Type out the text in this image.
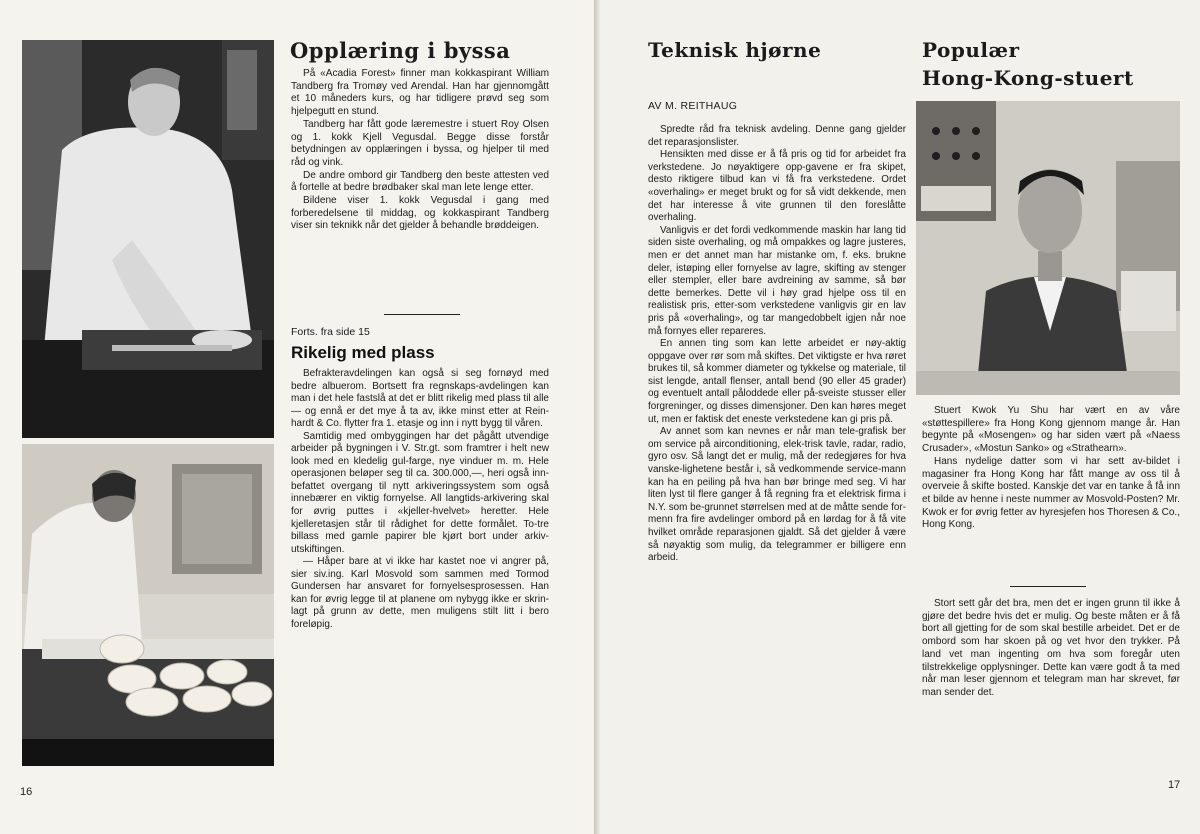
Opplæring i byssa

På «Acadia Forest» finner man kokkaspirant William Tandberg fra Tromøy ved Arendal. Han har gjennomgått et 10 måneders kurs, og har tidligere prøvd seg som hjelpegutt en stund.

Tandberg har fått gode læremestre i stuert Roy Olsen og 1. kokk Kjell Vegusdal. Begge disse forstår betydningen av opplæringen i byssa, og hjelper til med råd og vink.

De andre ombord gir Tandberg den beste attesten ved å fortelle at bedre brødbaker skal man lete lenge etter.

Bildene viser 1. kokk Vegusdal i gang med forberedelsene til middag, og kokkaspirant Tandberg viser sin teknikk når det gjelder å behandle brøddeigen.

Forts. fra side 15
Rikelig med plass

Befrakteravdelingen kan også si seg fornøyd med bedre albuerom. Bortsett fra regnskaps-avdelingen kan man i det hele fastslå at det er blitt rikelig med plass til alle — og ennå er det mye å ta av, ikke minst etter at Rein-hardt & Co. flytter fra 1. etasje og inn i nytt bygg til våren.

Samtidig med ombyggingen har det pågått utvendige arbeider på bygningen i V. Str.gt. som framtrer i helt new look med en kledelig gul-farge, nye vinduer m. m. Hele operasjonen beløper seg til ca. 300.000,—, heri også inn-befattet overgang til nytt arkiveringssystem som også innebærer en viktig fornyelse. All langtids-arkivering skal for øvrig puttes i «kjeller-hvelvet» heretter. Hele kjelleretasjen står til rådighet for dette formålet. To-tre billass med gamle papirer ble kjørt bort under arkiv-utskiftingen.

— Håper bare at vi ikke har kastet noe vi angrer på, sier siv.ing. Karl Mosvold som sammen med Tormod Gundersen har ansvaret for fornyelsesprosessen. Han kan for øvrig legge til at planene om nybygg ikke er skrin-lagt på grunn av dette, men muligens stilt litt i bero foreløpig.

16
Teknisk hjørne
AV M. REITHAUG

Spredte råd fra teknisk avdeling. Denne gang gjelder det reparasjonslister.

Hensikten med disse er å få pris og tid for arbeidet fra verkstedene. Jo nøyaktigere opp-gavene er fra skipet, desto riktigere tilbud kan vi få fra verkstedene. Ordet «overhaling» er meget brukt og for så vidt dekkende, men det har interesse å vite grunnen til den foreslåtte overhaling.

Vanligvis er det fordi vedkommende maskin har lang tid siden siste overhaling, og må ompakkes og lagre justeres, men er det annet man har mistanke om, f. eks. brukne deler, istøping eller fornyelse av lagre, skifting av stenger eller stempler, eller bare avdreining av samme, så bør dette bemerkes. Dette vil i høy grad hjelpe oss til en realistisk pris, etter-som verkstedene vanligvis gir en lav pris på «overhaling», og tar mangedobbelt igjen når noe må fornyes eller repareres.

En annen ting som kan lette arbeidet er nøy-aktig oppgave over rør som må skiftes. Det viktigste er hva røret brukes til, så kommer diameter og tykkelse og materiale, til sist lengde, antall flenser, antall bend (90 eller 45 grader) og eventuelt antall påloddede eller på-sveiste stusser eller forgreninger, og disses dimensjoner. Den kan høres meget ut, men er faktisk det eneste verkstedene kan gi pris på.

Av annet som kan nevnes er når man tele-grafisk ber om service på airconditioning, elek-trisk tavle, radar, radio, gyro osv. Så langt det er mulig, må der redegjøres for hva vanske-lighetene består i, så vedkommende service-mann kan ha en peiling på hva han bør bringe med seg. Vi har liten lyst til flere ganger å få regning fra et elektrisk firma i N.Y. som be-grunnet størrelsen med at de måtte sende for-menn fra fire avdelinger ombord på en lørdag for å få vite hvilket område reparasjonen gjaldt. Så det gjelder å være så nøyaktig som mulig, da telegrammer er billigere enn arbeid.

Populær
Hong-Kong-stuert

Stuert Kwok Yu Shu har vært en av våre «støttespillere» fra Hong Kong gjennom mange år. Han begynte på «Mosengen» og har siden vært på «Naess Crusader», «Mostun Sanko» og «Strathearn».

Hans nydelige datter som vi har sett av-bildet i magasiner fra Hong Kong har fått mange av oss til å overveie å skifte bosted. Kanskje det var en tanke å få inn et bilde av henne i neste nummer av Mosvold-Posten? Mr. Kwok er for øvrig fetter av hyresjefen hos Thoresen & Co., Hong Kong.

Stort sett går det bra, men det er ingen grunn til ikke å gjøre det bedre hvis det er mulig. Og beste måten er å få bort all gjetting for de som skal bestille arbeidet. Det er de ombord som har skoen på og vet hvor den trykker. På land vet man ingenting om hva som foregår uten tilstrekkelige opplysninger. Dette kan være godt å ta med når man leser gjennom et telegram man har skrevet, før man sender det.

17
